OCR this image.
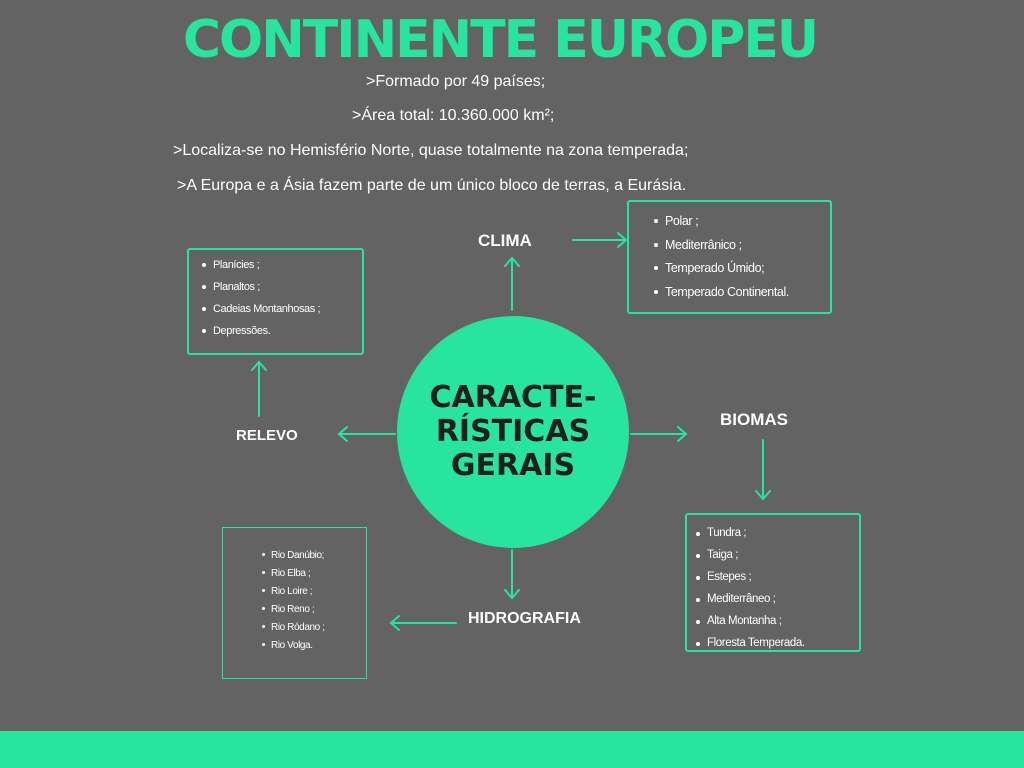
CONTINENTE EUROPEU
>Formado por 49 países;
>Área total: 10.360.000 km²;
>Localiza-se no Hemisfério Norte, quase totalmente na zona temperada;
>A Europa e a Ásia fazem parte de um único bloco de terras, a Eurásia.
CARACTE-
RÍSTICAS
GERAIS
CLIMA
RELEVO
BIOMAS
HIDROGRAFIA
Planícies ;
Planaltos ;
Cadeias Montanhosas ;
Depressões.
Polar ;
Mediterrânico ;
Temperado Úmido;
Temperado Continental.
Tundra ;
Taiga ;
Estepes ;
Mediterrâneo ;
Alta Montanha ;
Floresta Temperada.
Rio Danúbio;
Rio Elba ;
Rio Loire ;
Rio Reno ;
Rio Ródano ;
Rio Volga.
